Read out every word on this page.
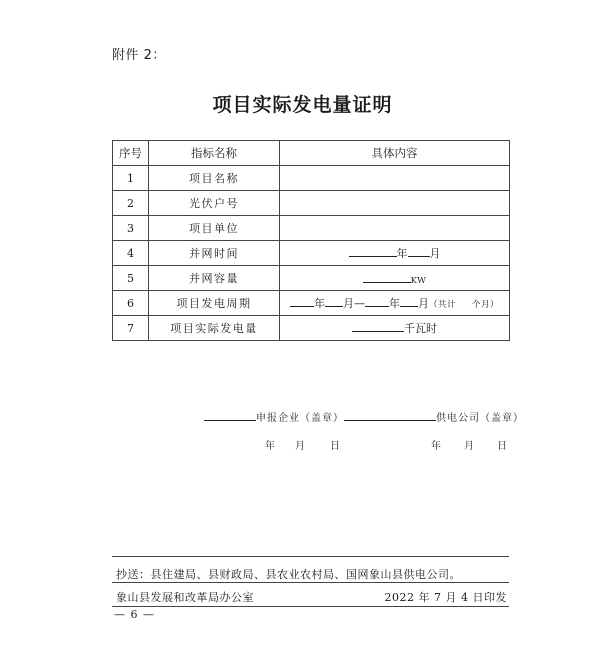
附件 2：
项目实际发电量证明
序号	指标名称	具体内容
1	项目名称	
2	光伏户号	
3	项目单位	
4	并网时间	年 月
5	并网容量	KW
6	项目发电周期	年 月— 年 月（共计 个月）
7	项目实际发电量	千瓦时
申报企业（盖章）	供电公司（盖章）
年 月	日	年 月 日
抄送：县住建局、县财政局、县农业农村局、国网象山县供电公司。
象山县发展和改革局办公室	2022 年 7 月 4 日印发
— 6 —
